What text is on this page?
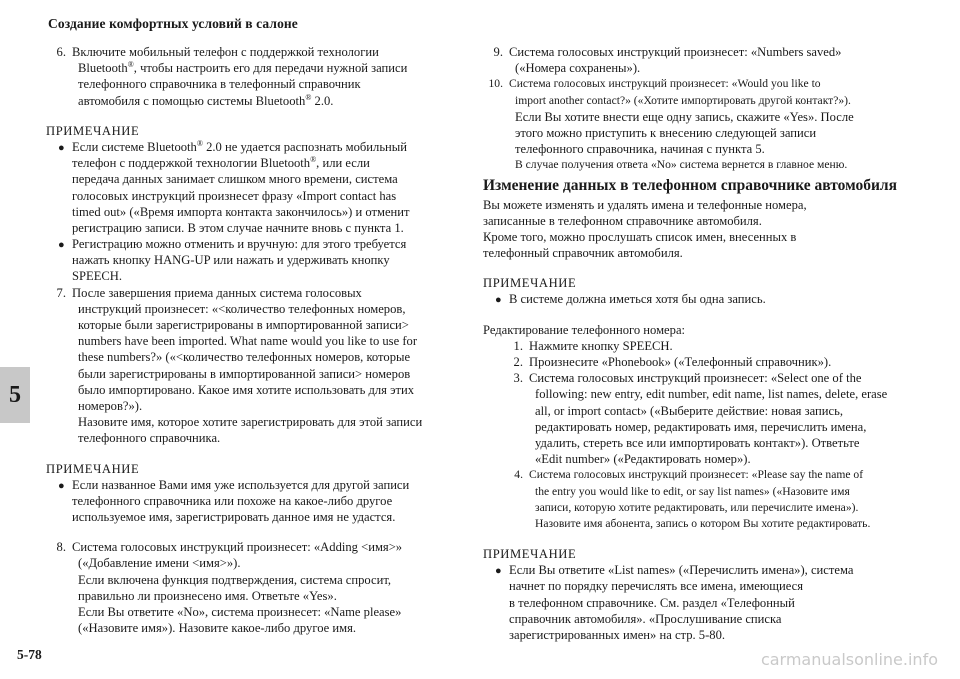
Создание комфортных условий в салоне
5
5-78
6. Включите мобильный телефон с поддержкой технологии
Bluetooth®, чтобы настроить его для передачи нужной записи
телефонного справочника в телефонный справочник
автомобиля с помощью системы Bluetooth® 2.0.
ПРИМЕЧАНИЕ
● Если системе Bluetooth® 2.0 не удается распознать мобильный
телефон с поддержкой технологии Bluetooth®, или если
передача данных занимает слишком много времени, система
голосовых инструкций произнесет фразу «Import contact has
timed out» («Время импорта контакта закончилось») и отменит
регистрацию записи. В этом случае начните вновь с пункта 1.
● Регистрацию можно отменить и вручную: для этого требуется
нажать кнопку HANG-UP или нажать и удерживать кнопку
SPEECH.
7. После завершения приема данных система голосовых
инструкций произнесет: «<количество телефонных номеров,
которые были зарегистрированы в импортированной записи>
numbers have been imported. What name would you like to use for
these numbers?» («<количество телефонных номеров, которые
были зарегистрированы в импортированной записи> номеров
было импортировано. Какое имя хотите использовать для этих
номеров?»).
Назовите имя, которое хотите зарегистрировать для этой записи
телефонного справочника.
ПРИМЕЧАНИЕ
● Если названное Вами имя уже используется для другой записи
телефонного справочника или похоже на какое-либо другое
используемое имя, зарегистрировать данное имя не удастся.
8. Система голосовых инструкций произнесет: «Adding <имя>»
(«Добавление имени <имя>»).
Если включена функция подтверждения, система спросит,
правильно ли произнесено имя. Ответьте «Yes».
Если Вы ответите «No», система произнесет: «Name please»
(«Назовите имя»). Назовите какое-либо другое имя.
9. Система голосовых инструкций произнесет: «Numbers saved»
(«Номера сохранены»).
10. Система голосовых инструкций произнесет: «Would you like to
import another contact?» («Хотите импортировать другой контакт?»).
Если Вы хотите внести еще одну запись, скажите «Yes». После
этого можно приступить к внесению следующей записи
телефонного справочника, начиная с пункта 5.
В случае получения ответа «No» система вернется в главное меню.
Изменение данных в телефонном справочнике автомобиля
Вы можете изменять и удалять имена и телефонные номера,
записанные в телефонном справочнике автомобиля.
Кроме того, можно прослушать список имен, внесенных в
телефонный справочник автомобиля.
ПРИМЕЧАНИЕ
● В системе должна иметься хотя бы одна запись.
Редактирование телефонного номера:
1. Нажмите кнопку SPEECH.
2. Произнесите «Phonebook» («Телефонный справочник»).
3. Система голосовых инструкций произнесет: «Select one of the
following: new entry, edit number, edit name, list names, delete, erase
all, or import contact» («Выберите действие: новая запись,
редактировать номер, редактировать имя, перечислить имена,
удалить, стереть все или импортировать контакт»). Ответьте
«Edit number» («Редактировать номер»).
4. Система голосовых инструкций произнесет: «Please say the name of
the entry you would like to edit, or say list names» («Назовите имя
записи, которую хотите редактировать, или перечислите имена»).
Назовите имя абонента, запись о котором Вы хотите редактировать.
ПРИМЕЧАНИЕ
● Если Вы ответите «List names» («Перечислить имена»), система
начнет по порядку перечислять все имена, имеющиеся
в телефонном справочнике. См. раздел «Телефонный
справочник автомобиля». «Прослушивание списка
зарегистрированных имен» на стр. 5-80.
carmanualsonline.info
